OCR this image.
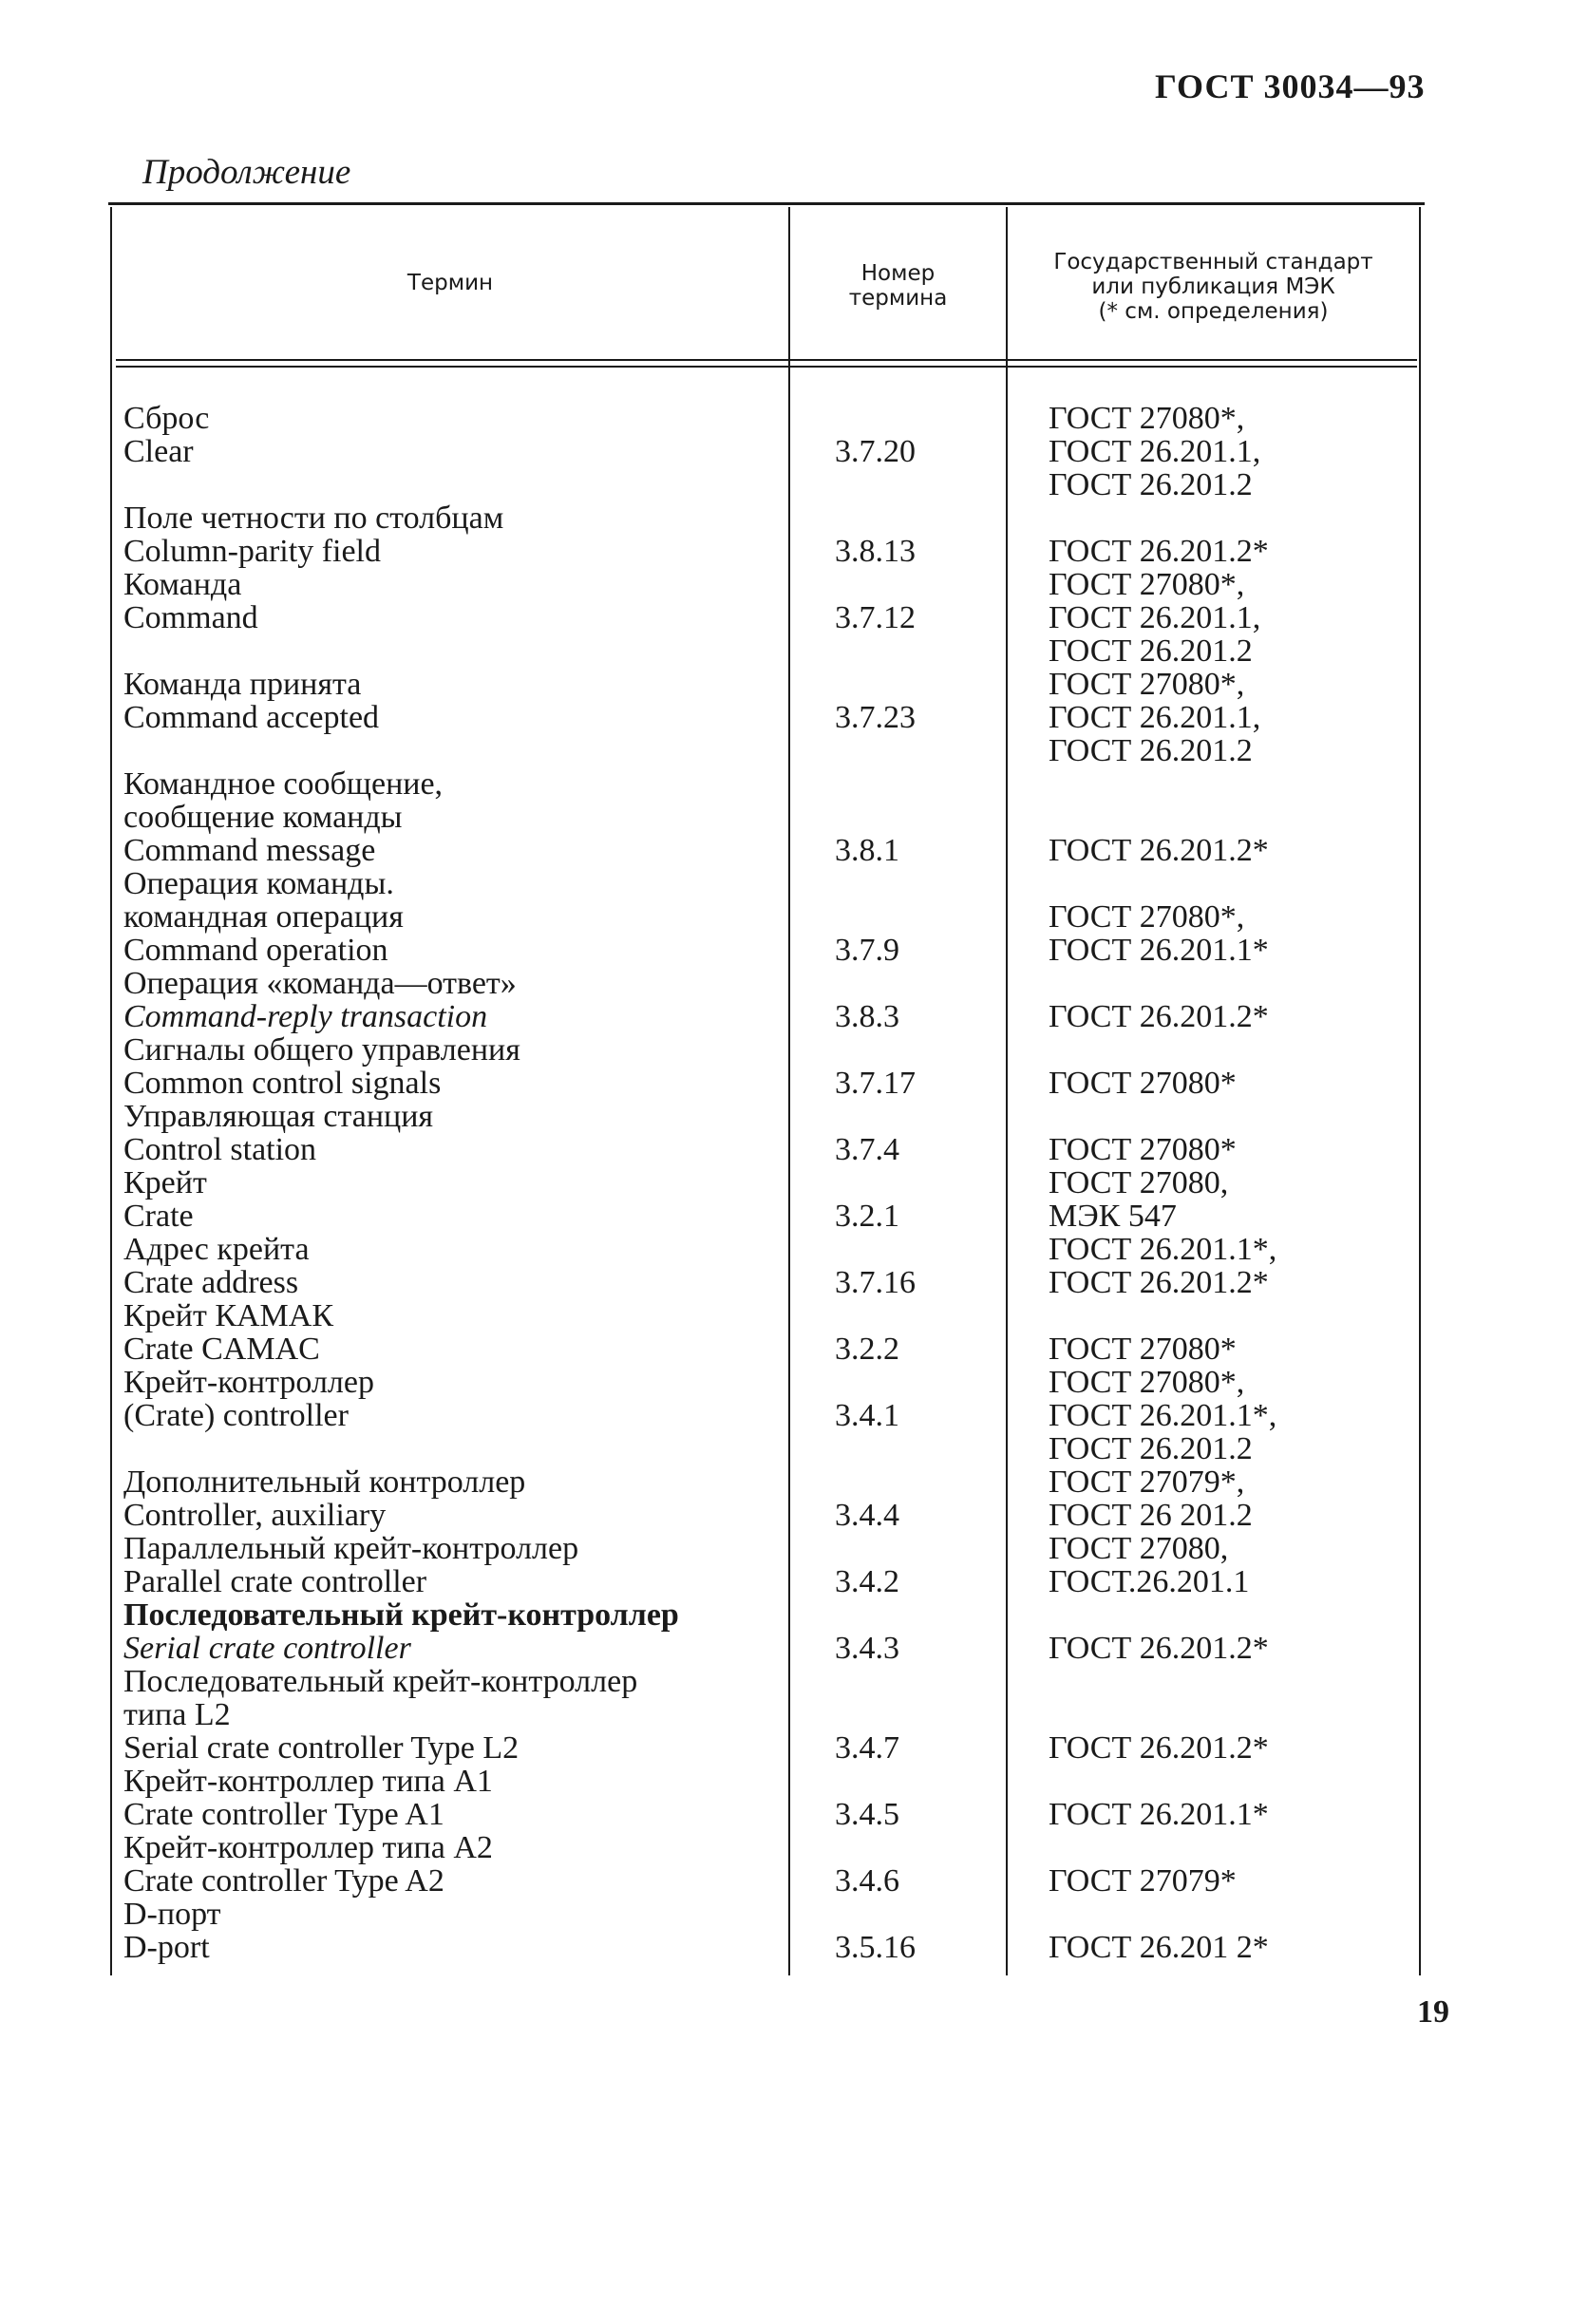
ГОСТ 30034—93
Продолжение
Термин	Номер
термина
Государственный стандарт
или публикация МЭК
(* см. определения)
Сброс
Clear
Поле четности по столбцам
Column-parity field
Команда
Command
Команда принята
Command accepted
Командное сообщение,
сообщение команды
Command message
Операция команды.
командная операция
Command operation
Операция «команда—ответ»
Command-reply transaction
Сигналы общего управления
Common control signals
Управляющая станция
Control station
Крейт
Crate
Адрес крейта
Crate address
Крейт КАМАК
Crate CAMAC
Крейт-контроллер
(Crate) controller
Дополнительный контроллер
Controller, auxiliary
Параллельный крейт-контроллер
Parallel crate controller
Последовательный крейт-контроллер
Serial crate controller
Последовательный крейт-контроллер
типа L2
Serial crate controller Type L2
Крейт-контроллер типа A1
Crate controller Type A1
Крейт-контроллер типа A2
Crate controller Type A2
D-порт
D-port
3.7.20
3.8.13
3.7.12
3.7.23
3.8.1
3.7.9
3.8.3
3.7.17
3.7.4
3.2.1
3.7.16
3.2.2
3.4.1
3.4.4
3.4.2
3.4.3
3.4.7
3.4.5
3.4.6
3.5.16
ГОСТ 27080*,
ГОСТ 26.201.1,
ГОСТ 26.201.2
ГОСТ 26.201.2*
ГОСТ 27080*,
ГОСТ 26.201.1,
ГОСТ 26.201.2
ГОСТ 27080*,
ГОСТ 26.201.1,
ГОСТ 26.201.2
ГОСТ 26.201.2*
ГОСТ 27080*,
ГОСТ 26.201.1*
ГОСТ 26.201.2*
ГОСТ 27080*
ГОСТ 27080*
ГОСТ 27080,
МЭК 547
ГОСТ 26.201.1*,
ГОСТ 26.201.2*
ГОСТ 27080*
ГОСТ 27080*,
ГОСТ 26.201.1*,
ГОСТ 26.201.2
ГОСТ 27079*,
ГОСТ 26 201.2
ГОСТ 27080,
ГОСТ.26.201.1
ГОСТ 26.201.2*
ГОСТ 26.201.2*
ГОСТ 26.201.1*
ГОСТ 27079*
ГОСТ 26.201 2*
19
